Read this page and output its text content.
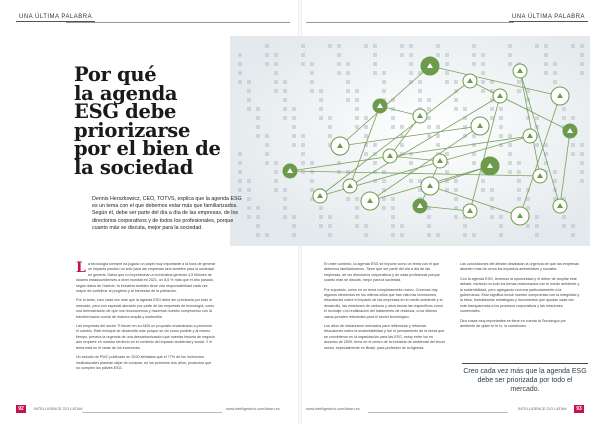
UNA ÚLTIMA PALABRA	UNA ÚLTIMA PALABRA
Por qué
la agenda
ESG debe
priorizarse
por el bien de
la sociedad

Dennis Herszkowicz, CEO, TOTVS, explica que la agenda ESG es un tema con el que debemos estar más que familiarizados. Según él, debe ser parte del día a día de las empresas, de los directorios corporativos y de todos los profesionales, porque cuanto más se discuta, mejor para la sociedad.

La tecnología siempre ha jugado un papel muy importante a la hora de generar un impacto positivo no solo para las empresas sino también para la sociedad en general. Datos que no impresionan a la industria generan 4,5 billones de dólares estadounidenses a nivel mundial en 2021, un 8,6 % más que el año pasado, según datos de Gartner; la industria también tiene una responsabilidad cada vez mayor de contribuir al progreso y al bienestar de la población.

Por lo tanto, creo cada vez más que la agenda ESG debe ser priorizada por todo el mercado, pero con especial atención por parte de las empresas de tecnología, como una demostración de que nos reconocemos y hacemos nuestro compromiso con la transformación social de manera amplia y sostenible.

Las empresas del sector TI tienen en su ADN un propósito encaminado a promover el cambio. Este enfoque se desarrolla más porque se vió como posible y al mismo tiempo, preveía la urgencia de una descarbonización que nuestra historia de negocio aún requiere en nuestro territorio en el contexto del impacto ambiental y social. Y el tema está en el radar de los inversores.

Un estudio de PWC publicado en 2020 señalaba que el 77% de los inversores institucionales planean dejar de comprar, en los próximos dos años, productos que no cumplen los pilares ESG.

En este contexto, la agenda ESG se impone como un tema con el que debemos familiarizarnos. Tiene que ser parte del día a día de las empresas, de los directorios corporativos y de cada profesional porque cuanto más se discuta, mejor para la sociedad.

Por supuesto, como en un tema completamente nuevo. Creemos hay algunos elementos en los últimos años que han visto las inversiones, discusiones sobre el impacto de las empresas en el medio ambiente y el desarrollo, las emisiones de carbono y otros temas tan específicos como el reciclaje o la reutilización del tratamiento de residuos, a los últimos casos jornales relevantes para el sector tecnológico.

Los años de restauraron mercados para reflexionar y reformas discusiones sobre la sustentabilidad y fue el pensamiento de la mesa que se convirtieron en la organización para las ESG, estoy entre los en ascenso de 2009, tema en el centro de la industria de ambiental del tercer sector, especialmente en Brasil, para profesión de la Agenda.

Las conclusiones del debate desatacan la urgencia de que las empresas aborden más de cerca los impactos ambientales y sociales.

Con la agenda ESG, tenemos la oportunidad y el deber de ampliar este debate, mirando no solo los temas relacionados con el medio ambiente y la sostenibilidad, pero agregando una era particularmente a la gobernanza. Esto significa incluir nuestro compromiso con la integridad y la ética, formalizando estrategias y documentos que ayudan cada vez más transparencia a los procesos corporativos y las relaciones comerciales.

Dirá cosas muy importantes se tiene en cuenta la Tecnología por ambiente de quien le te lo, la cuestiones.

Creo cada vez más que la agenda ESG debe ser priorizada por todo el mercado.
92	INTELLIGENCE CIO LATAM	www.intelligentcio.com/latam-es	www.intelligentcio.com/latam-es	INTELLIGENCE CIO LATAM	93
